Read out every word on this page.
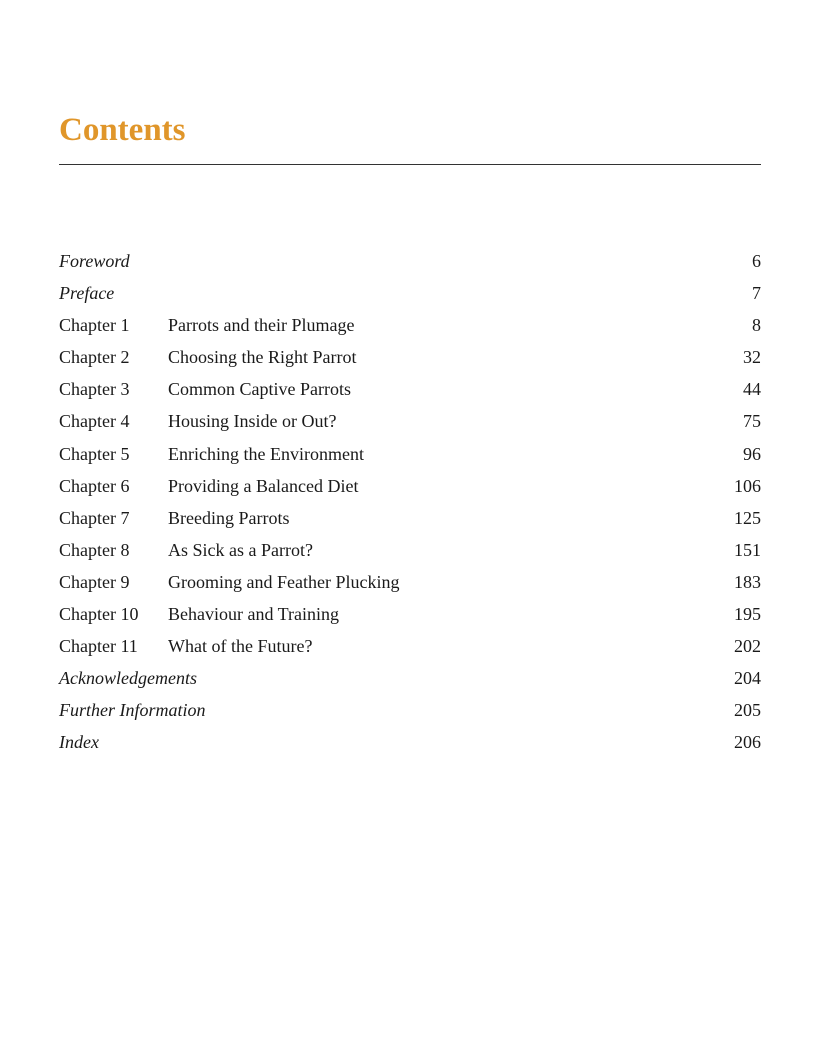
Contents
Foreword	6
Preface	7
Chapter 1 Parrots and their Plumage	8
Chapter 2 Choosing the Right Parrot	32
Chapter 3 Common Captive Parrots	44
Chapter 4 Housing Inside or Out?	75
Chapter 5 Enriching the Environment	96
Chapter 6 Providing a Balanced Diet	106
Chapter 7 Breeding Parrots	125
Chapter 8 As Sick as a Parrot?	151
Chapter 9 Grooming and Feather Plucking	183
Chapter 10 Behaviour and Training	195
Chapter 11 What of the Future?	202
Acknowledgements	204
Further Information	205
Index	206
